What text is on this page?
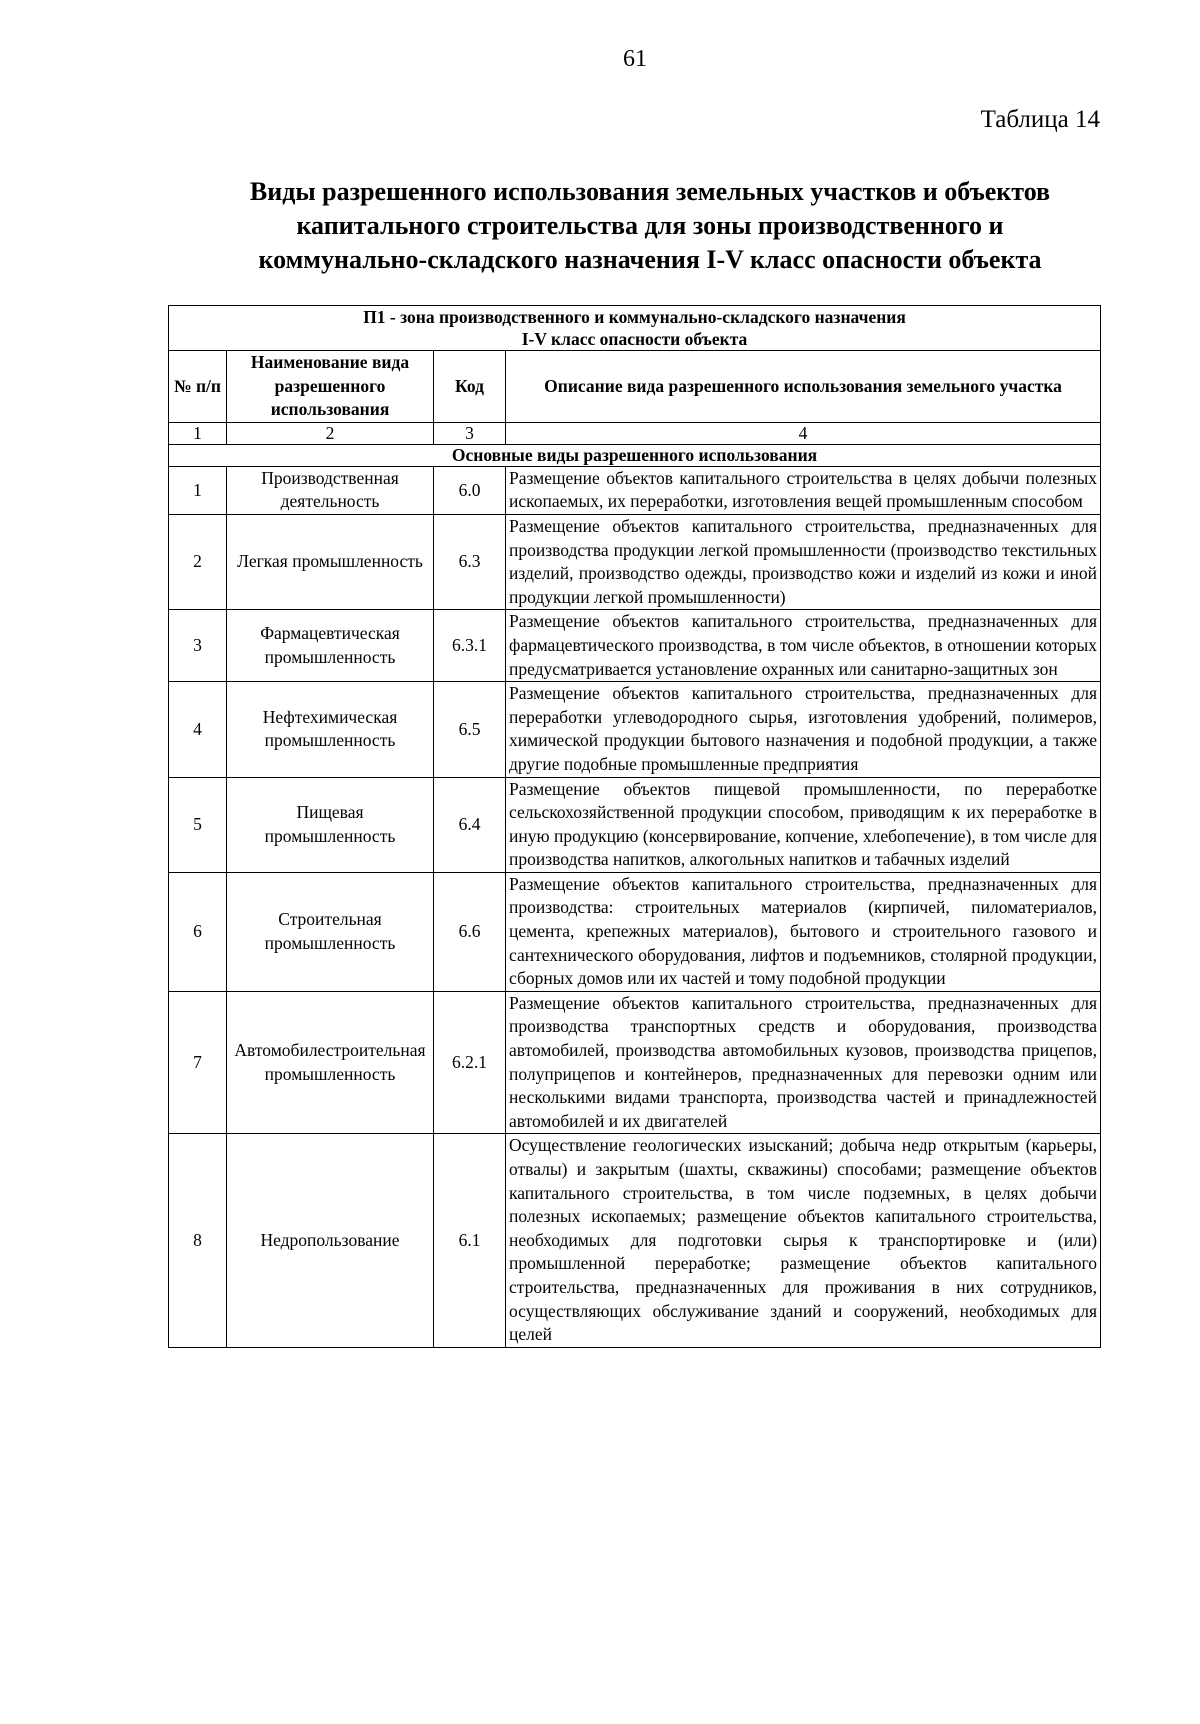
61
Таблица 14
Виды разрешенного использования земельных участков и объектов
капитального строительства для зоны производственного и
коммунально-складского назначения I-V класс опасности объекта
П1 - зона производственного и коммунально-складского назначения
I-V класс опасности объекта			

№ п/п	Наименование вида разрешенного использования	Код	Описание вида разрешенного использования земельного участка
1	2	3	4
Основные виды разрешенного использования			
1	Производственная деятельность	6.0	Размещение объектов капитального строительства в целях добычи полезных ископаемых, их переработки, изготовления вещей промышленным способом
2	Легкая промышленность	6.3	Размещение объектов капитального строительства, предназначенных для производства продукции легкой промышленности (производство текстильных изделий, производство одежды, производство кожи и изделий из кожи и иной продукции легкой промышленности)
3	Фармацевтическая промышленность	6.3.1	Размещение объектов капитального строительства, предназначенных для фармацевтического производства, в том числе объектов, в отношении которых предусматривается установление охранных или санитарно-защитных зон
4	Нефтехимическая промышленность	6.5	Размещение объектов капитального строительства, предназначенных для переработки углеводородного сырья, изготовления удобрений, полимеров, химической продукции бытового назначения и подобной продукции, а также другие подобные промышленные предприятия
5	Пищевая промышленность	6.4	Размещение объектов пищевой промышленности, по переработке сельскохозяйственной продукции способом, приводящим к их переработке в иную продукцию (консервирование, копчение, хлебопечение), в том числе для производства напитков, алкогольных напитков и табачных изделий
6	Строительная промышленность	6.6	Размещение объектов капитального строительства, предназначенных для производства: строительных материалов (кирпичей, пиломатериалов, цемента, крепежных материалов), бытового и строительного газового и сантехнического оборудования, лифтов и подъемников, столярной продукции, сборных домов или их частей и тому подобной продукции
7	Автомобилестроительная промышленность	6.2.1	Размещение объектов капитального строительства, предназначенных для производства транспортных средств и оборудования, производства автомобилей, производства автомобильных кузовов, производства прицепов, полуприцепов и контейнеров, предназначенных для перевозки одним или несколькими видами транспорта, производства частей и принадлежностей автомобилей и их двигателей
8	Недропользование	6.1	Осуществление геологических изысканий; добыча недр открытым (карьеры, отвалы) и закрытым (шахты, скважины) способами; размещение объектов капитального строительства, в том числе подземных, в целях добычи полезных ископаемых; размещение объектов капитального строительства, необходимых для подготовки сырья к транспортировке и (или) промышленной переработке; размещение объектов капитального строительства, предназначенных для проживания в них сотрудников, осуществляющих обслуживание зданий и сооружений, необходимых для целей
